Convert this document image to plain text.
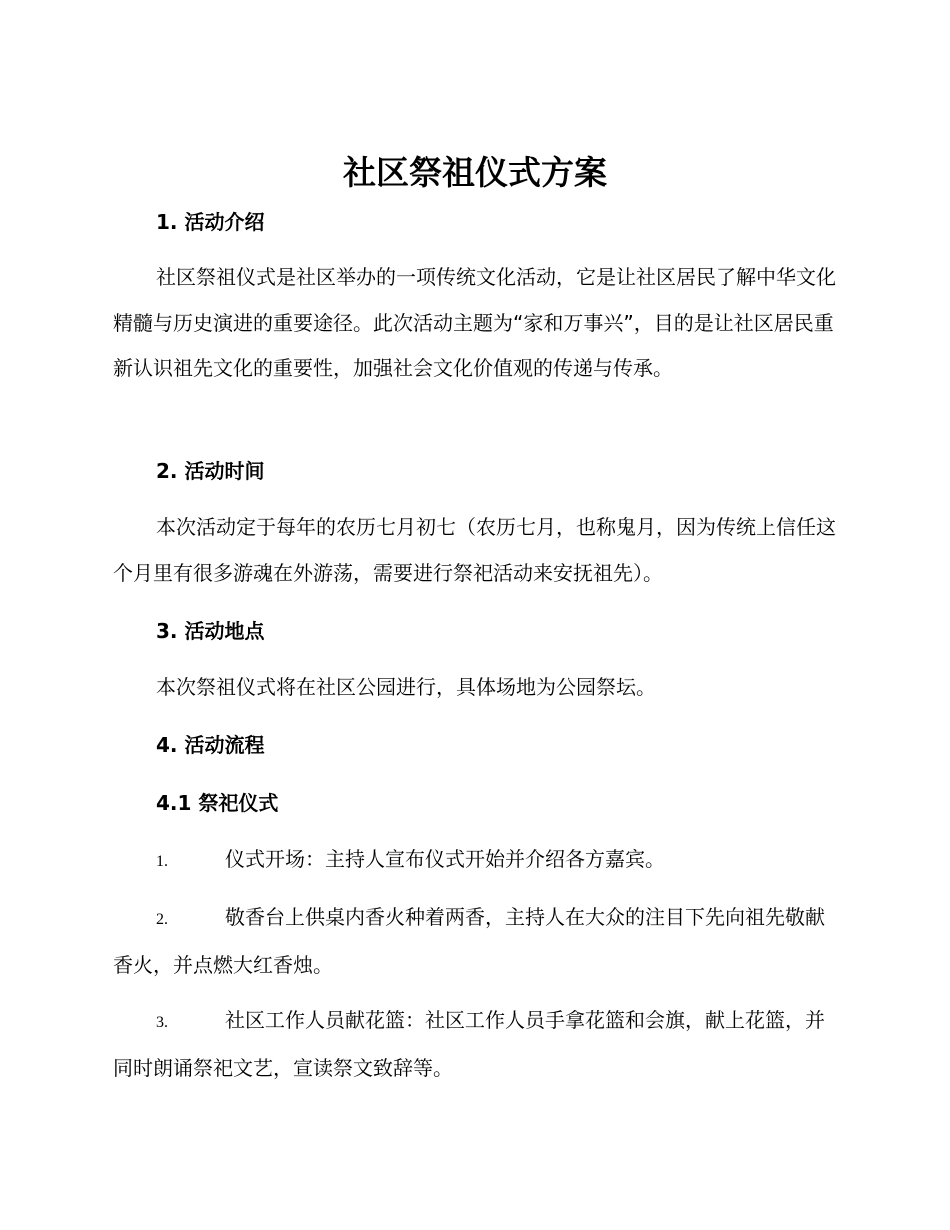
社区祭祖仪式方案
1. 活动介绍
社区祭祖仪式是社区举办的一项传统文化活动，它是让社区居民了解中华文化精髓与历史演进的重要途径。此次活动主题为“家和万事兴”，目的是让社区居民重新认识祖先文化的重要性，加强社会文化价值观的传递与传承。
2. 活动时间
本次活动定于每年的农历七月初七（农历七月，也称鬼月，因为传统上信任这个月里有很多游魂在外游荡，需要进行祭祀活动来安抚祖先）。
3. 活动地点
本次祭祖仪式将在社区公园进行，具体场地为公园祭坛。
4. 活动流程
4.1 祭祀仪式
1.	仪式开场：主持人宣布仪式开始并介绍各方嘉宾。
2.	敬香台上供桌内香火种着两香，主持人在大众的注目下先向祖先敬献香火，并点燃大红香烛。
3.	社区工作人员献花篮：社区工作人员手拿花篮和会旗，献上花篮，并同时朗诵祭祀文艺，宣读祭文致辞等。
